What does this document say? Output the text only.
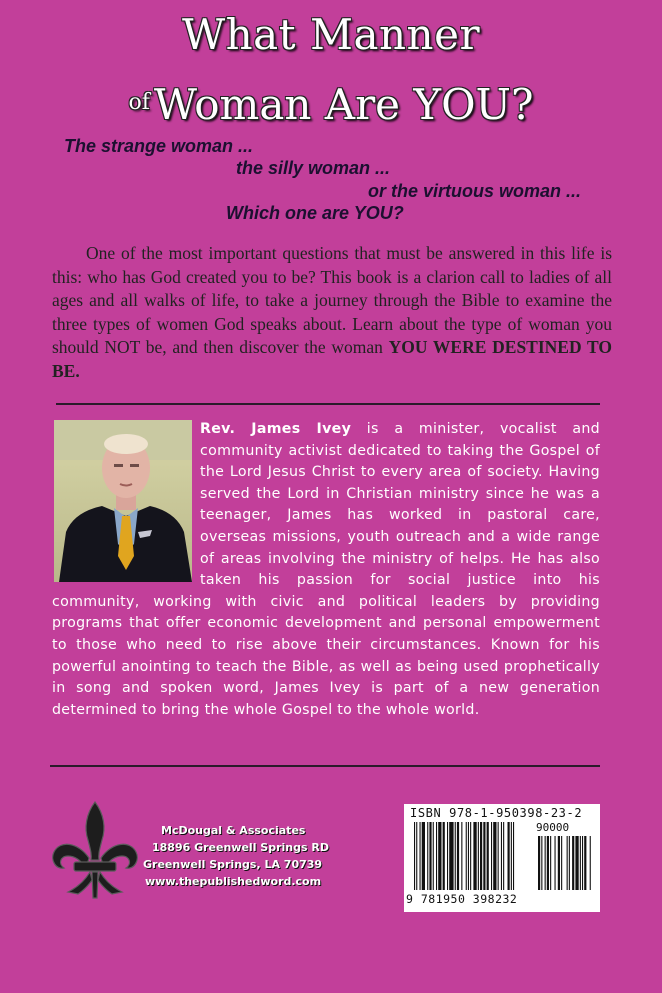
What Manner
$^{of}$Woman Are YOU?
The strange woman ...
the silly woman ...
or the virtuous woman ...
Which one are YOU?

One of the most important questions that must be answered in this life is this: who has God created you to be? This book is a clarion call to ladies of all ages and all walks of life, to take a journey through the Bible to examine the three types of women God speaks about. Learn about the type of woman you should NOT be, and then discover the woman YOU WERE DESTINED TO BE.

Rev. James Ivey is a minister, vocalist and community activist dedicated to taking the Gospel of the Lord Jesus Christ to every area of society. Having served the Lord in Christian ministry since he was a teenager, James has worked in pastoral care, overseas missions, youth outreach and a wide range of areas involving the ministry of helps. He has also taken his passion for social justice into his community, working with civic and political leaders by providing programs that offer economic development and personal empowerment to those who need to rise above their circumstances. Known for his powerful anointing to teach the Bible, as well as being used prophetically in song and spoken word, James Ivey is part of a new generation determined to bring the whole Gospel to the whole world.
McDougal & Associates
18896 Greenwell Springs RD
Greenwell Springs, LA 70739
www.thepublishedword.com
ISBN 978-1-950398-23-2
90000
9 781950 398232
